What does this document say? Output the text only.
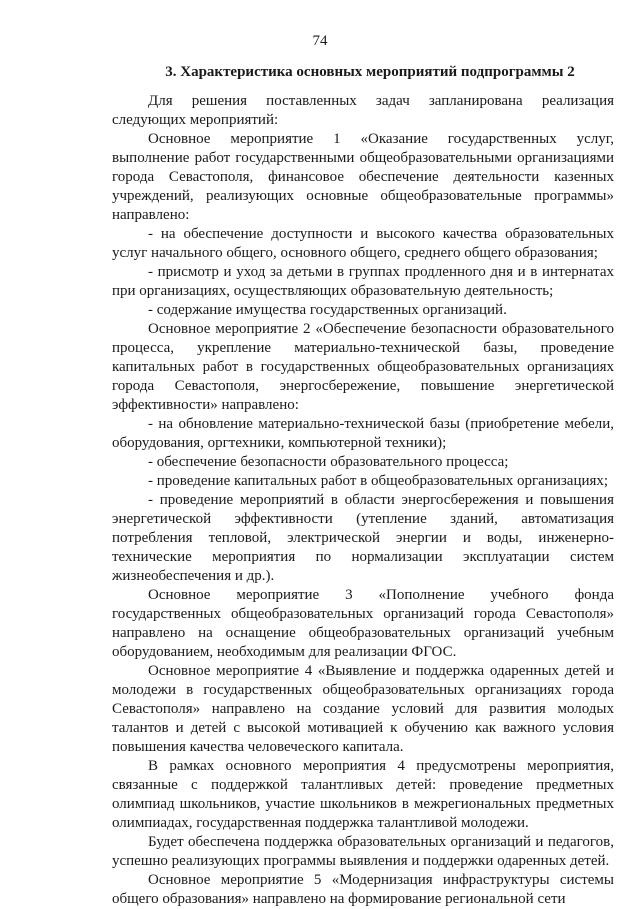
74
3. Характеристика основных мероприятий подпрограммы 2

Для решения поставленных задач запланирована реализация следующих мероприятий:

Основное мероприятие 1 «Оказание государственных услуг, выполнение работ государственными общеобразовательными организациями города Севастополя, финансовое обеспечение деятельности казенных учреждений, реализующих основные общеобразовательные программы» направлено:

- на обеспечение доступности и высокого качества образовательных услуг начального общего, основного общего, среднего общего образования;

- присмотр и уход за детьми в группах продленного дня и в интернатах при организациях, осуществляющих образовательную деятельность;

- содержание имущества государственных организаций.

Основное мероприятие 2 «Обеспечение безопасности образовательного процесса, укрепление материально-технической базы, проведение капитальных работ в государственных общеобразовательных организациях города Севастополя, энергосбережение, повышение энергетической эффективности» направлено:

- на обновление материально-технической базы (приобретение мебели, оборудования, оргтехники, компьютерной техники);

- обеспечение безопасности образовательного процесса;

- проведение капитальных работ в общеобразовательных организациях;

- проведение мероприятий в области энергосбережения и повышения энергетической эффективности (утепление зданий, автоматизация потребления тепловой, электрической энергии и воды, инженерно-технические мероприятия по нормализации эксплуатации систем жизнеобеспечения и др.).

Основное мероприятие 3 «Пополнение учебного фонда государственных общеобразовательных организаций города Севастополя» направлено на оснащение общеобразовательных организаций учебным оборудованием, необходимым для реализации ФГОС.

Основное мероприятие 4 «Выявление и поддержка одаренных детей и молодежи в государственных общеобразовательных организациях города Севастополя» направлено на создание условий для развития молодых талантов и детей с высокой мотивацией к обучению как важного условия повышения качества человеческого капитала.

В рамках основного мероприятия 4 предусмотрены мероприятия, связанные с поддержкой талантливых детей: проведение предметных олимпиад школьников, участие школьников в межрегиональных предметных олимпиадах, государственная поддержка талантливой молодежи.

Будет обеспечена поддержка образовательных организаций и педагогов, успешно реализующих программы выявления и поддержки одаренных детей.

Основное мероприятие 5 «Модернизация инфраструктуры системы общего образования» направлено на формирование региональной сети
